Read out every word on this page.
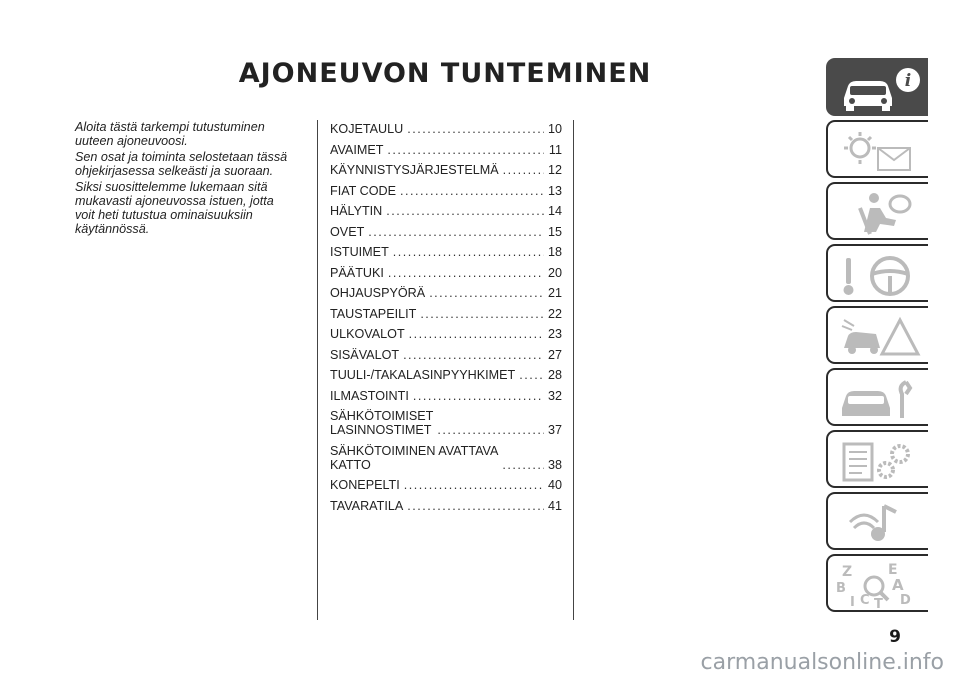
AJONEUVON TUNTEMINEN

Aloita tästä tarkempi tutustuminen uuteen ajoneuvoosi.

Sen osat ja toiminta selostetaan tässä ohjekirjasessa selkeästi ja suoraan.

Siksi suosittelemme lukemaan sitä mukavasti ajoneuvossa istuen, jotta voit heti tutustua ominaisuuksiin käytännössä.

KOJETAULU .....	10
AVAIMET .....	11
KÄYNNISTYSJÄRJESTELMÄ .....	12
FIAT CODE .....	13
HÄLYTIN .....	14
OVET .....	15
ISTUIMET .....	18
PÄÄTUKI .....	20
OHJAUSPYÖRÄ .....	21
TAUSTAPEILIT .....	22
ULKOVALOT .....	23
SISÄVALOT .....	27
TUULI-/TAKALASINPYYHKIMET .....	28
ILMASTOINTI .....	32
SÄHKÖTOIMISET
LASINNOSTIMET .....	37
SÄHKÖTOIMINEN AVATTAVA
KATTO .....	38
KONEPELTI .....	40
TAVARATILA .....	41
i
Z	E
B	A
I C T D
9
carmanualsonline.info
